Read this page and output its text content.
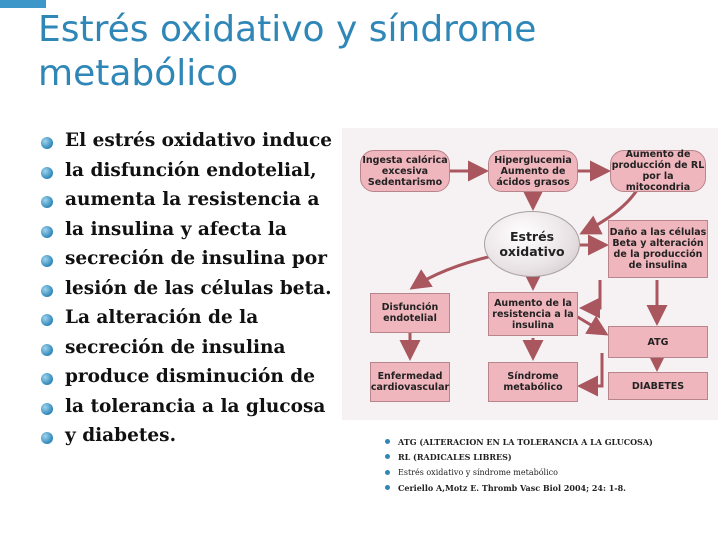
Estrés oxidativo y síndrome metabólico
El estrés oxidativo induce
la disfunción endotelial,
aumenta la resistencia a
la insulina y afecta la
secreción de insulina por
lesión de las células beta.
La alteración de la
secreción de insulina
produce disminución de
la tolerancia a la glucosa
y diabetes.
Ingesta calórica excesiva Sedentarismo
Hiperglucemia Aumento de ácidos grasos
Aumento de producción de RL por la mitocondria
Estrés oxidativo
Daño a las células Beta y alteración de la producción de insulina
Disfunción endotelial
Aumento de la resistencia a la insulina
ATG
Enfermedad cardiovascular
Síndrome metabólico	DIABETES
ATG (ALTERACION EN LA TOLERANCIA A LA GLUCOSA)
RL (RADICALES LIBRES)
Estrés oxidativo y síndrome metabólico
Ceriello A,Motz E. Thromb Vasc Biol 2004; 24: 1-8.
